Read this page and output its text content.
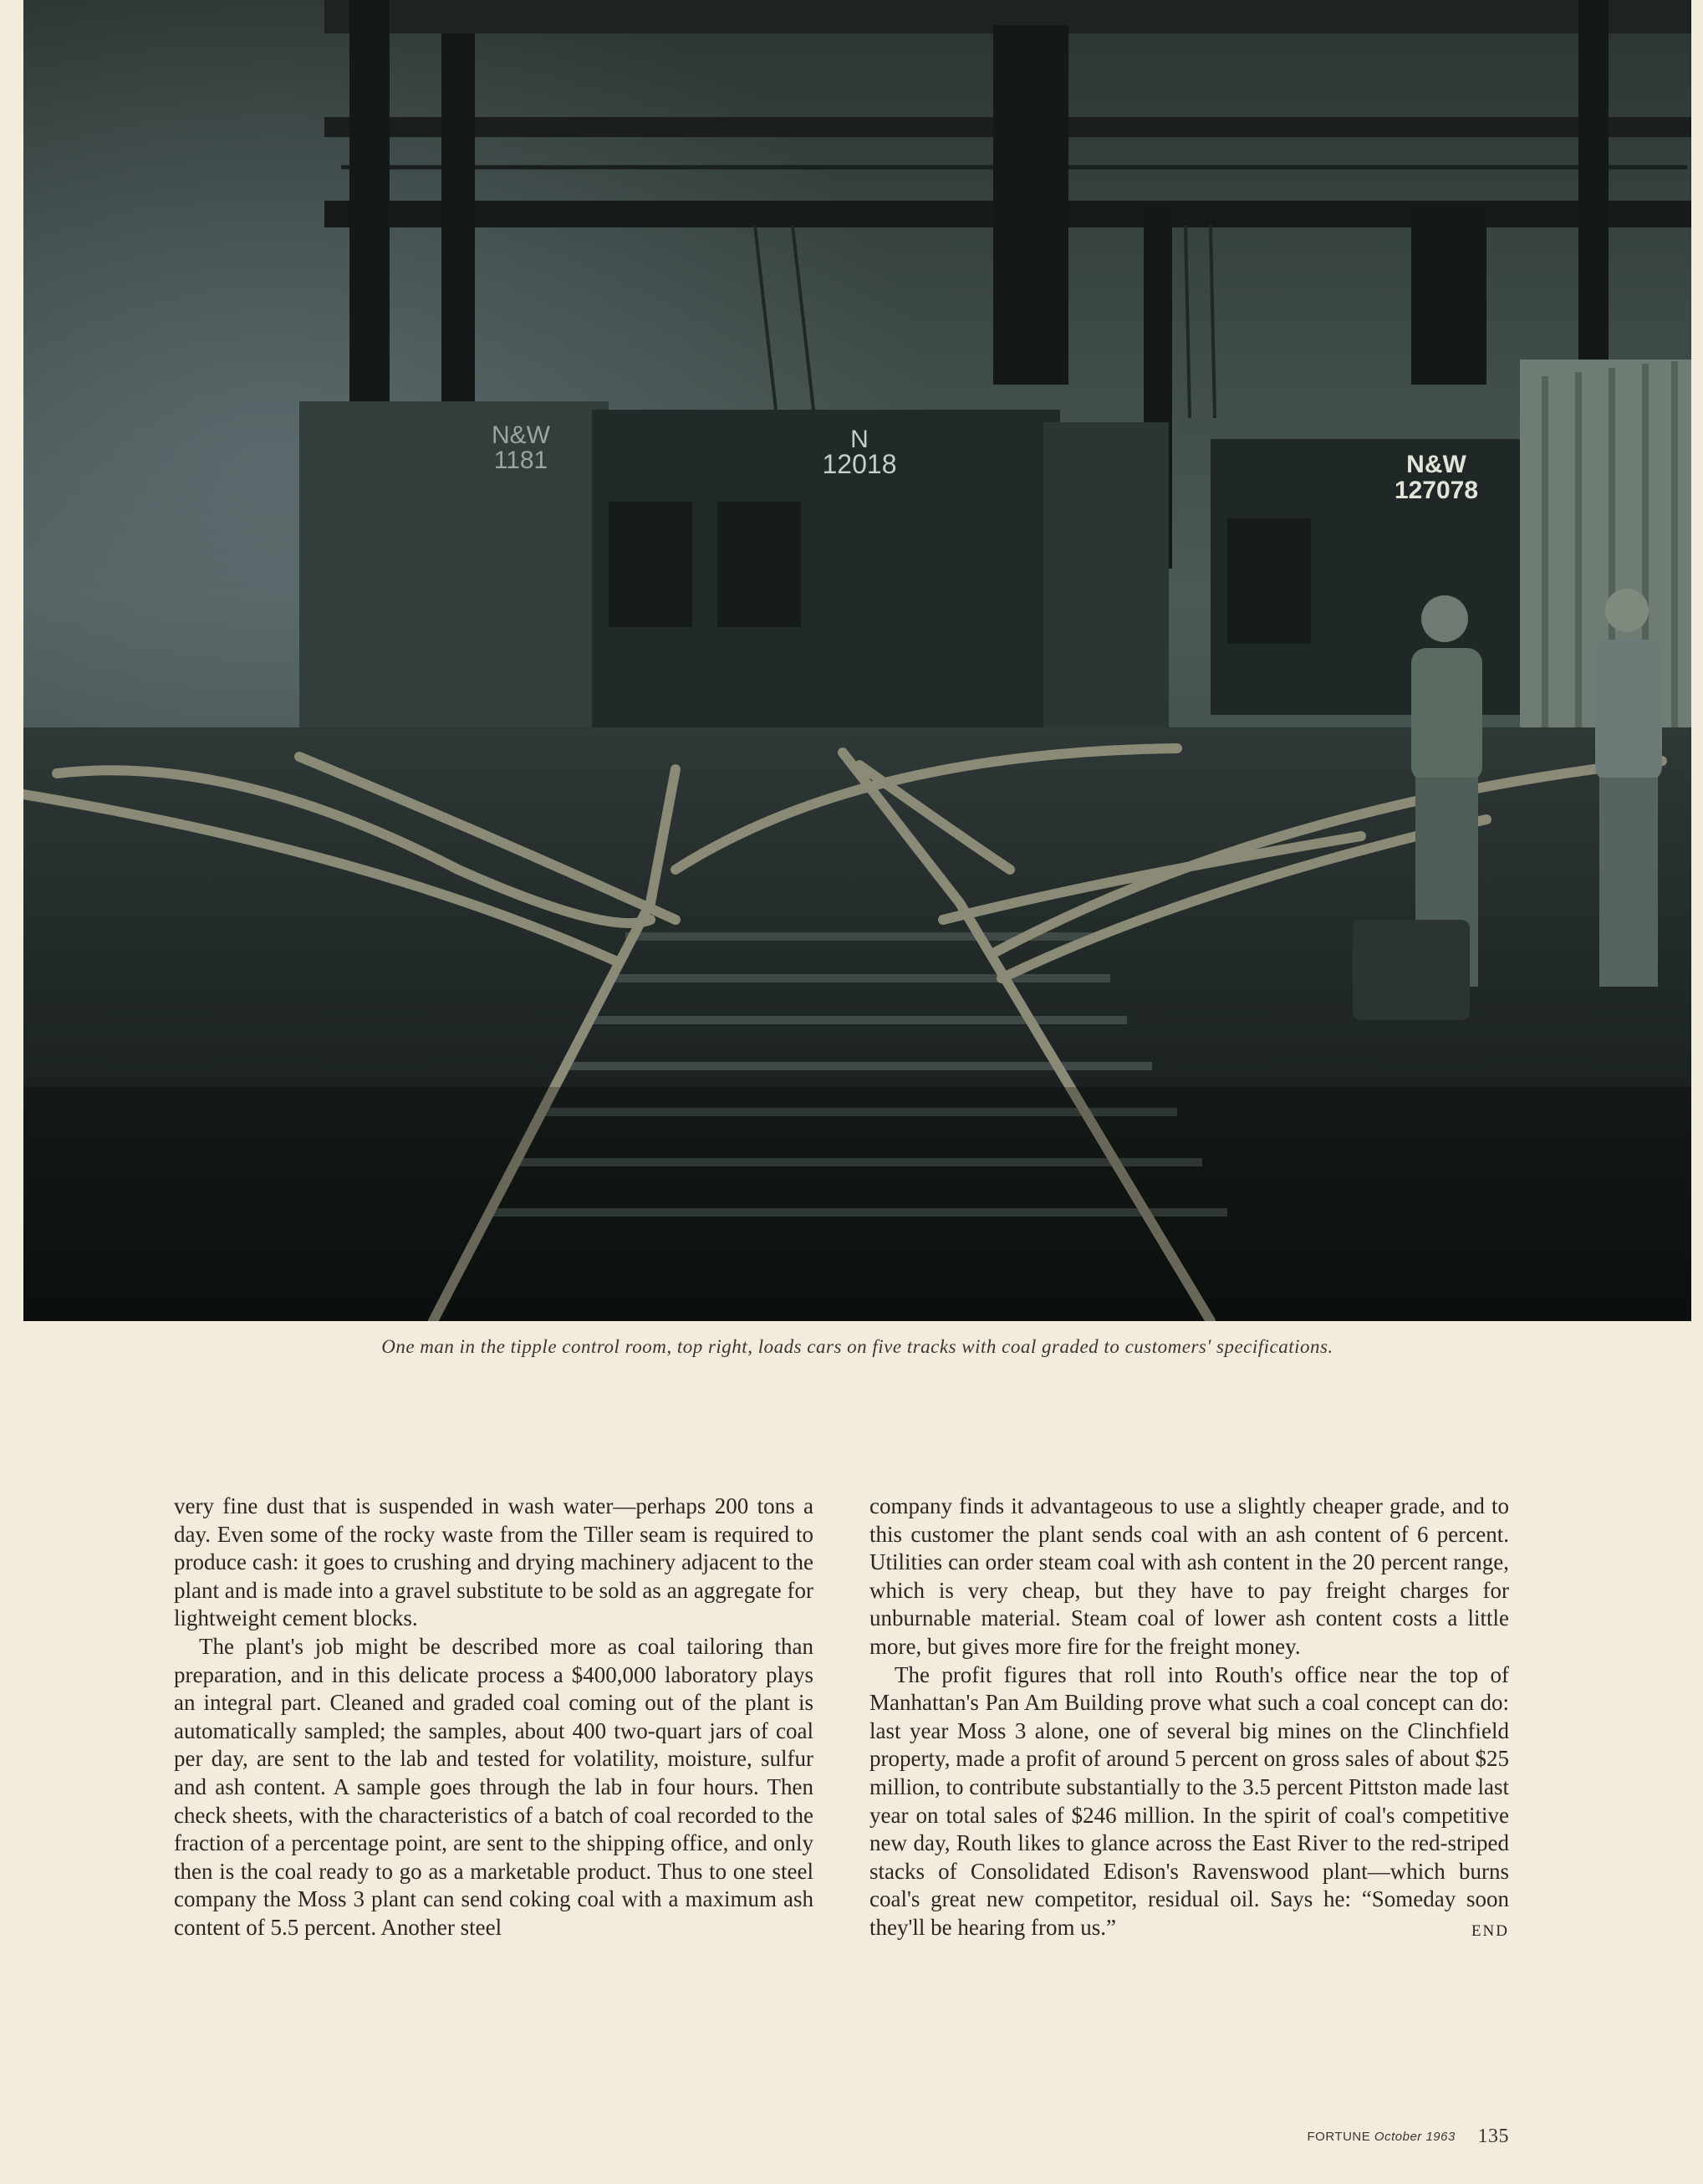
N&W
1181
N
12018	N&W
127078
One man in the tipple control room, top right, loads cars on five tracks with coal graded to customers' specifications.

very fine dust that is suspended in wash water—perhaps 200 tons a day. Even some of the rocky waste from the Tiller seam is required to produce cash: it goes to crushing and drying machinery adjacent to the plant and is made into a gravel substitute to be sold as an aggregate for lightweight cement blocks.

The plant's job might be described more as coal tailoring than preparation, and in this delicate process a $400,000 laboratory plays an integral part. Cleaned and graded coal coming out of the plant is automatically sampled; the samples, about 400 two-quart jars of coal per day, are sent to the lab and tested for volatility, moisture, sulfur and ash content. A sample goes through the lab in four hours. Then check sheets, with the characteristics of a batch of coal recorded to the fraction of a percentage point, are sent to the shipping office, and only then is the coal ready to go as a marketable product. Thus to one steel company the Moss 3 plant can send coking coal with a maximum ash content of 5.5 percent. Another steel

company finds it advantageous to use a slightly cheaper grade, and to this customer the plant sends coal with an ash content of 6 percent. Utilities can order steam coal with ash content in the 20 percent range, which is very cheap, but they have to pay freight charges for unburnable material. Steam coal of lower ash content costs a little more, but gives more fire for the freight money.

The profit figures that roll into Routh's office near the top of Manhattan's Pan Am Building prove what such a coal concept can do: last year Moss 3 alone, one of several big mines on the Clinchfield property, made a profit of around 5 percent on gross sales of about $25 million, to contribute substantially to the 3.5 percent Pittston made last year on total sales of $246 million. In the spirit of coal's competitive new day, Routh likes to glance across the East River to the red-striped stacks of Consolidated Edison's Ravenswood plant—which burns coal's great new competitor, residual oil. Says he: “Someday soon they'll be hearing from us.”	END

FORTUNE October 1963 135
